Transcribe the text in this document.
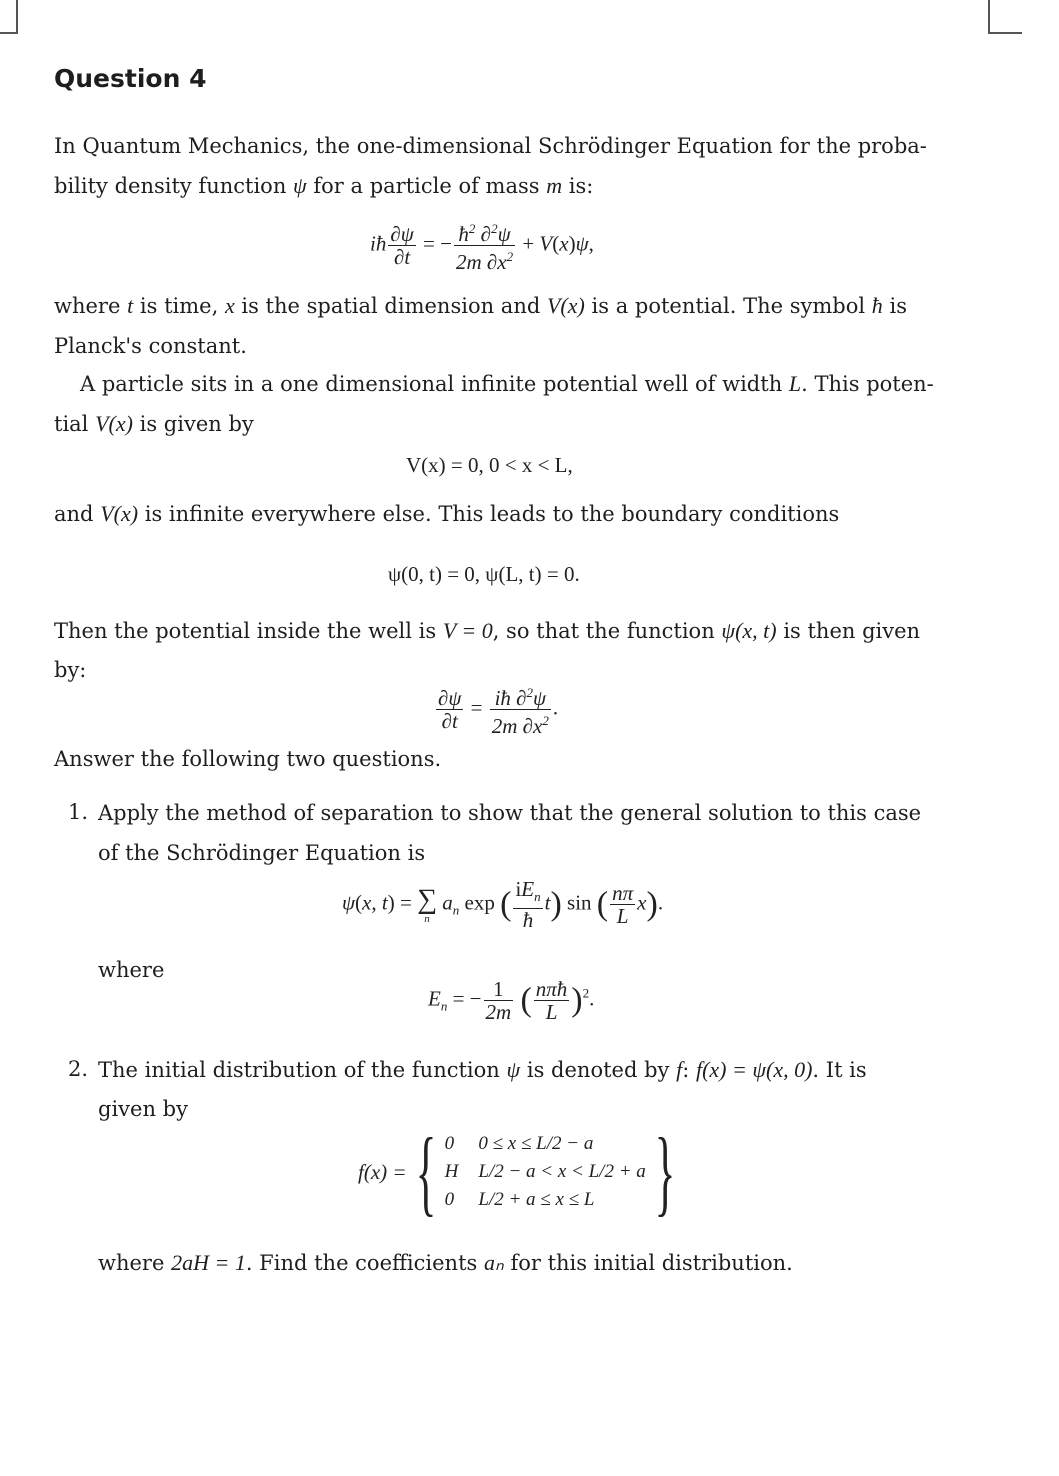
Question 4
In Quantum Mechanics, the one-dimensional Schrödinger Equation for the proba-
bility density function ψ for a particle of mass m is:
iħ $\frac{\partial\psi}{\partial t}$ = − $\frac{ħ^2 \partial^2\psi}{2m \partial x^2} + V(x)\psi$,
where t is time, x is the spatial dimension and V(x) is a potential. The symbol ħ is
Planck's constant.
A particle sits in a one dimensional infinite potential well of width L. This poten-
tial V(x) is given by
V(x) = 0, 0 < x < L,
and V(x) is infinite everywhere else. This leads to the boundary conditions
ψ(0, t) = 0, ψ(L, t) = 0.
Then the potential inside the well is V = 0, so that the function ψ(x, t) is then given
by:
$\frac{\partial\psi}{\partial t} = \frac{iħ \partial^2\psi}{2m \partial x^2}$ .
Answer the following two questions.
1. Apply the method of separation to show that the general solution to this case
of the Schrödinger Equation is
ψ(x, t) = ∑
n
$a_n$ exp ( $\frac{iE_n}{ħ} t$) sin ( $\frac{n\pi}{L} x$).
where
$E_n$ = − $\frac{1}{2m}$ ( $\frac{\text{nπħ}}{L} )^2$.
2. The initial distribution of the function ψ is denoted by f: f(x) = ψ(x, 0). It is
given by
f(x) = { 0	0 ≤ x ≤ L/2 − a
H	L/2 − a < x < L/2 + a
0	L/2 + a ≤ x ≤ L }
where 2aH = 1. Find the coefficients aₙ for this initial distribution.
